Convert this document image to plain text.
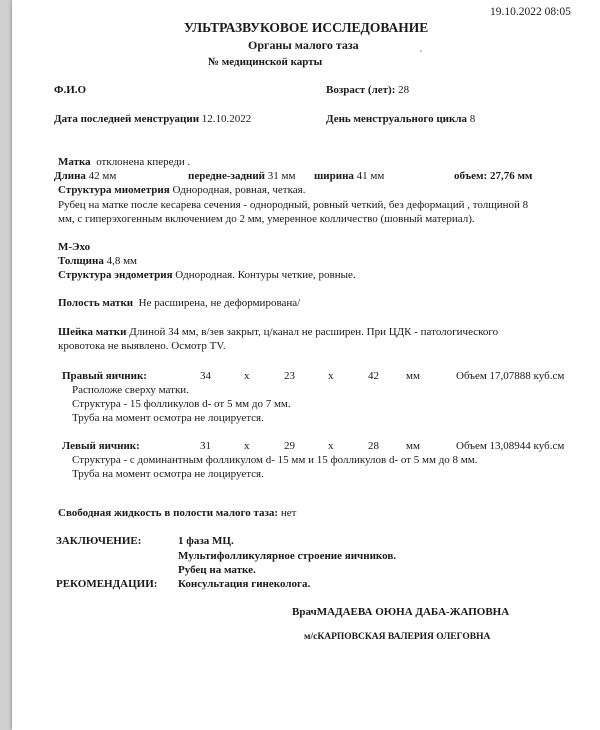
19.10.2022 08:05
УЛЬТРАЗВУКОВОЕ ИССЛЕДОВАНИЕ
Органы малого таза
№ медицинской карты
Ф.И.О	Возраст (лет): 28
Дата последней менструации 12.10.2022	День менструального цикла 8
Матка отклонена кпереди .
Длина 42 мм	передне-задний 31 мм ширина 41 мм	объем: 27,76 мм
Структура миометрия Однородная, ровная, четкая.
Рубец на матке после кесарева сечения - однородный, ровный четкий, без деформаций , толщиной 8
мм, с гиперэхогенным включением до 2 мм, умеренное колличество (шовный материал).
М-Эхо
Толщина 4,8 мм
Структура эндометрия Однородная. Контуры четкие, ровные.
Полость матки Не расширена, не деформирована/
Шейка матки Длиной 34 мм, в/зев закрыт, ц/канал не расширен. При ЦДК - патологического
кровотока не выявлено. Осмотр TV.
Правый яичник:	34	х	23	х	42 мм	Объем 17,07888 куб.см
Расположе сверху матки.
Структура - 15 фолликулов d- от 5 мм до 7 мм.
Труба на момент осмотра не лоцируется.
Левый яичник:	31	х	29	х	28 мм	Объем 13,08944 куб.см
Структура - с доминантным фолликулом d- 15 мм и 15 фолликулов d- от 5 мм до 8 мм.
Труба на момент осмотра не лоцируется.
Свободная жидкость в полости малого таза: нет
ЗАКЛЮЧЕНИЕ:	1 фаза МЦ.
Мультифолликулярное строение яичников.
Рубец на матке.
РЕКОМЕНДАЦИИ: Консультация гинеколога.
ВрачМАДАЕВА ОЮНА ДАБА-ЖАПОВНА
м/сКАРПОВСКАЯ ВАЛЕРИЯ ОЛЕГОВНА
